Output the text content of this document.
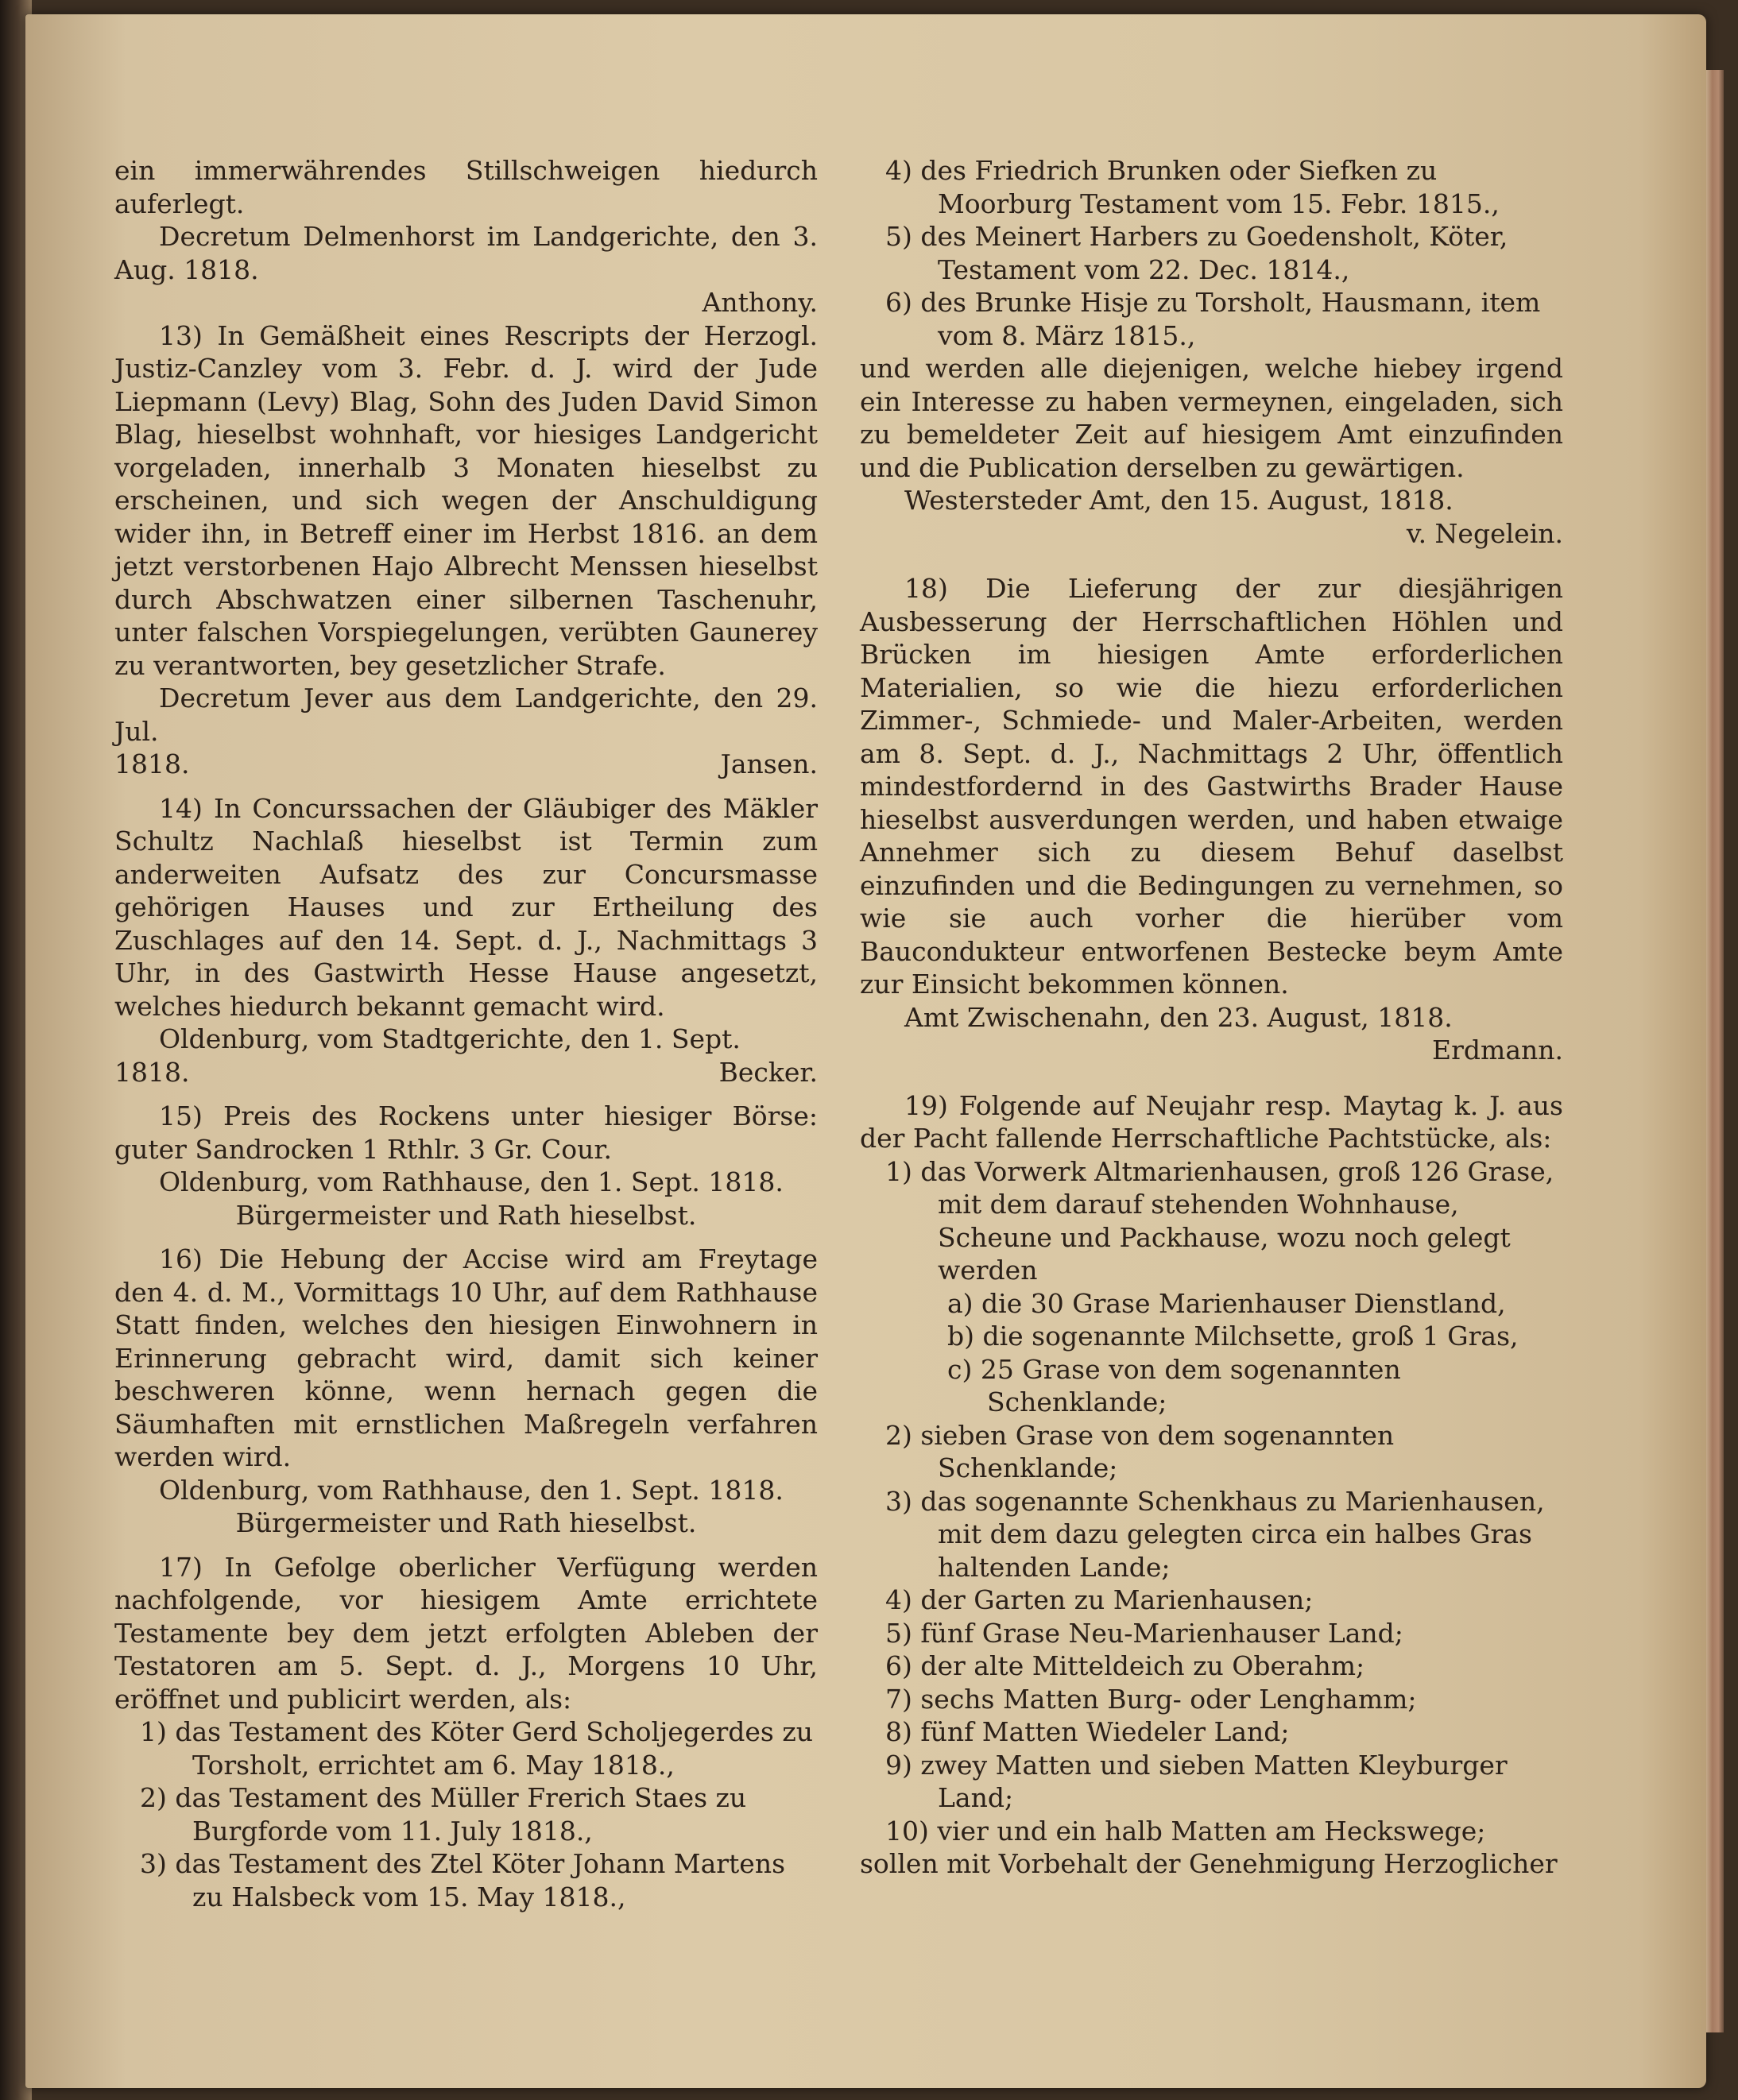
ein immerwährendes Stillschweigen hiedurch auferlegt.

Decretum Delmenhorst im Landgerichte, den 3. Aug. 1818.

Anthony.

13) In Gemäßheit eines Rescripts der Herzogl. Justiz-Canzley vom 3. Febr. d. J. wird der Jude Liepmann (Levy) Blag, Sohn des Juden David Simon Blag, hieselbst wohnhaft, vor hiesiges Landgericht vorgeladen, innerhalb 3 Monaten hieselbst zu erscheinen, und sich wegen der Anschuldigung wider ihn, in Betreff einer im Herbst 1816. an dem jetzt verstorbenen Hajo Albrecht Menssen hieselbst durch Abschwatzen einer silbernen Taschenuhr, unter falschen Vorspiegelungen, verübten Gaunerey zu verantworten, bey gesetzlicher Strafe.

Decretum Jever aus dem Landgerichte, den 29. Jul.

1818.	Jansen.

14) In Concurssachen der Gläubiger des Mäkler Schultz Nachlaß hieselbst ist Termin zum anderweiten Aufsatz des zur Concursmasse gehörigen Hauses und zur Ertheilung des Zuschlages auf den 14. Sept. d. J., Nachmittags 3 Uhr, in des Gastwirth Hesse Hause angesetzt, welches hiedurch bekannt gemacht wird.

Oldenburg, vom Stadtgerichte, den 1. Sept.

1818.	Becker.

15) Preis des Rockens unter hiesiger Börse: guter Sandrocken 1 Rthlr. 3 Gr. Cour.

Oldenburg, vom Rathhause, den 1. Sept. 1818.

Bürgermeister und Rath hieselbst.

16) Die Hebung der Accise wird am Freytage den 4. d. M., Vormittags 10 Uhr, auf dem Rathhause Statt finden, welches den hiesigen Einwohnern in Erinnerung gebracht wird, damit sich keiner beschweren könne, wenn hernach gegen die Säumhaften mit ernstlichen Maßregeln verfahren werden wird.

Oldenburg, vom Rathhause, den 1. Sept. 1818.

Bürgermeister und Rath hieselbst.

17) In Gefolge oberlicher Verfügung werden nachfolgende, vor hiesigem Amte errichtete Testamente bey dem jetzt erfolgten Ableben der Testatoren am 5. Sept. d. J., Morgens 10 Uhr, eröffnet und publicirt werden, als:

1) das Testament des Köter Gerd Scholjegerdes zu Torsholt, errichtet am 6. May 1818.,

2) das Testament des Müller Frerich Staes zu Burgforde vom 11. July 1818.,

3) das Testament des Ztel Köter Johann Martens zu Halsbeck vom 15. May 1818.,

4) des Friedrich Brunken oder Siefken zu Moorburg Testament vom 15. Febr. 1815.,

5) des Meinert Harbers zu Goedensholt, Köter, Testament vom 22. Dec. 1814.,

6) des Brunke Hisje zu Torsholt, Hausmann, item vom 8. März 1815.,

und werden alle diejenigen, welche hiebey irgend ein Interesse zu haben vermeynen, eingeladen, sich zu bemeldeter Zeit auf hiesigem Amt einzufinden und die Publication derselben zu gewärtigen.

Westersteder Amt, den 15. August, 1818.

v. Negelein.

18) Die Lieferung der zur diesjährigen Ausbesserung der Herrschaftlichen Höhlen und Brücken im hiesigen Amte erforderlichen Materialien, so wie die hiezu erforderlichen Zimmer-, Schmiede- und Maler-Arbeiten, werden am 8. Sept. d. J., Nachmittags 2 Uhr, öffentlich mindestfordernd in des Gastwirths Brader Hause hieselbst ausverdungen werden, und haben etwaige Annehmer sich zu diesem Behuf daselbst einzufinden und die Bedingungen zu vernehmen, so wie sie auch vorher die hierüber vom Baucondukteur entworfenen Bestecke beym Amte zur Einsicht bekommen können.

Amt Zwischenahn, den 23. August, 1818.

Erdmann.

19) Folgende auf Neujahr resp. Maytag k. J. aus der Pacht fallende Herrschaftliche Pachtstücke, als:

1) das Vorwerk Altmarienhausen, groß 126 Grase, mit dem darauf stehenden Wohnhause, Scheune und Packhause, wozu noch gelegt werden

a) die 30 Grase Marienhauser Dienstland,

b) die sogenannte Milchsette, groß 1 Gras,

c) 25 Grase von dem sogenannten Schenklande;

2) sieben Grase von dem sogenannten Schenklande;

3) das sogenannte Schenkhaus zu Marienhausen, mit dem dazu gelegten circa ein halbes Gras haltenden Lande;

4) der Garten zu Marienhausen;

5) fünf Grase Neu-Marienhauser Land;

6) der alte Mitteldeich zu Oberahm;

7) sechs Matten Burg- oder Lenghamm;

8) fünf Matten Wiedeler Land;

9) zwey Matten und sieben Matten Kleyburger Land;

10) vier und ein halb Matten am Heckswege;

sollen mit Vorbehalt der Genehmigung Herzoglicher
